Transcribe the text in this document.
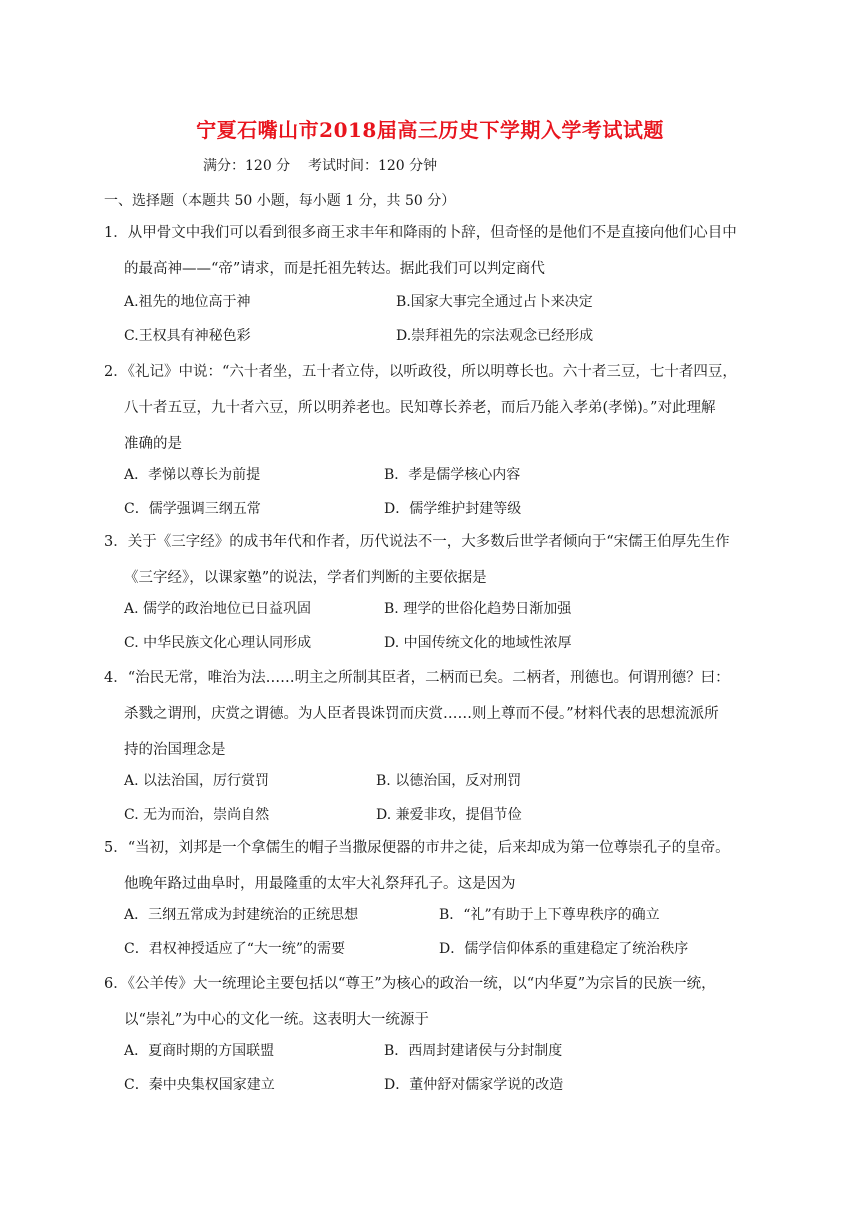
宁夏石嘴山市2018届高三历史下学期入学考试试题
满分：120 分    考试时间：120 分钟
一、选择题（本题共 50 小题，每小题 1 分，共 50 分）
1．从甲骨文中我们可以看到很多商王求丰年和降雨的卜辞，但奇怪的是他们不是直接向他们心目中
的最高神——“帝”请求，而是托祖先转达。据此我们可以判定商代
A.祖先的地位高于神	B.国家大事完全通过占卜来决定
C.王权具有神秘色彩	D.崇拜祖先的宗法观念已经形成
2．《礼记》中说：“六十者坐，五十者立侍，以听政役，所以明尊长也。六十者三豆，七十者四豆，
八十者五豆，九十者六豆，所以明养老也。民知尊长养老，而后乃能入孝弟(孝悌)。”对此理解
准确的是
A．孝悌以尊长为前提	B．孝是儒学核心内容
C．儒学强调三纲五常	D．儒学维护封建等级
3．关于《三字经》的成书年代和作者，历代说法不一，大多数后世学者倾向于“宋儒王伯厚先生作
《三字经》，以课家塾”的说法，学者们判断的主要依据是
A. 儒学的政治地位已日益巩固	B. 理学的世俗化趋势日渐加强
C. 中华民族文化心理认同形成	D. 中国传统文化的地域性浓厚
4．“治民无常，唯治为法……明主之所制其臣者，二柄而已矣。二柄者，刑德也。何谓刑德？曰：
杀戮之谓刑，庆赏之谓德。为人臣者畏诛罚而庆赏……则上尊而不侵。”材料代表的思想流派所
持的治国理念是
A. 以法治国，厉行赏罚	B. 以德治国，反对刑罚
C. 无为而治，崇尚自然	D. 兼爱非攻，提倡节俭
5．“当初，刘邦是一个拿儒生的帽子当撒尿便器的市井之徒，后来却成为第一位尊崇孔子的皇帝。
他晚年路过曲阜时，用最隆重的太牢大礼祭拜孔子。这是因为
A．三纲五常成为封建统治的正统思想	B．“礼”有助于上下尊卑秩序的确立
C．君权神授适应了“大一统”的需要	D．儒学信仰体系的重建稳定了统治秩序
6．《公羊传》大一统理论主要包括以“尊王”为核心的政治一统，以“内华夏”为宗旨的民族一统，
以“崇礼”为中心的文化一统。这表明大一统源于
A．夏商时期的方国联盟	B．西周封建诸侯与分封制度
C．秦中央集权国家建立	D．董仲舒对儒家学说的改造
